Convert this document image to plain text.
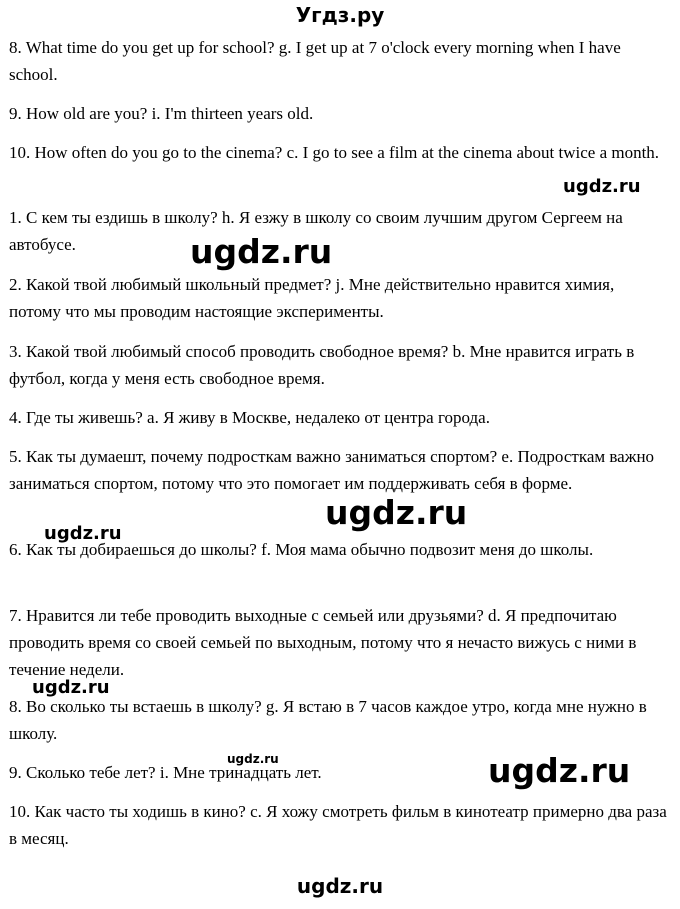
Угдз.ру
8. What time do you get up for school? g. I get up at 7 o'clock every morning when I have school.
9. How old are you? i. I'm thirteen years old.
10. How often do you go to the cinema? c. I go to see a film at the cinema about twice a month.
1. С кем ты ездишь в школу? h. Я езжу в школу со своим лучшим другом Сергеем на автобусе.
2. Какой твой любимый школьный предмет? j. Мне действительно нравится химия, потому что мы проводим настоящие эксперименты.
3. Какой твой любимый способ проводить свободное время? b. Мне нравится играть в футбол, когда у меня есть свободное время.
4. Где ты живешь? а. Я живу в Москве, недалеко от центра города.
5. Как ты думаешт, почему подросткам важно заниматься спортом? е. Подросткам важно заниматься спортом, потому что это помогает им поддерживать себя в форме.
6. Как ты добираешься до школы? f. Моя мама обычно подвозит меня до школы.
7. Нравится ли тебе проводить выходные с семьей или друзьями? d. Я предпочитаю проводить время со своей семьей по выходным, потому что я нечасто вижусь с ними в течение недели.
8. Во сколько ты встаешь в школу? g. Я встаю в 7 часов каждое утро, когда мне нужно в школу.
9. Сколько тебе лет? i. Мне тринадцать лет.
10. Как часто ты ходишь в кино? с. Я хожу смотреть фильм в кинотеатр примерно два раза в месяц.
ugdz.ru
ugdz.ru
ugdz.ru
ugdz.ru
ugdz.ru
ugdz.ru	ugdz.ru
ugdz.ru
